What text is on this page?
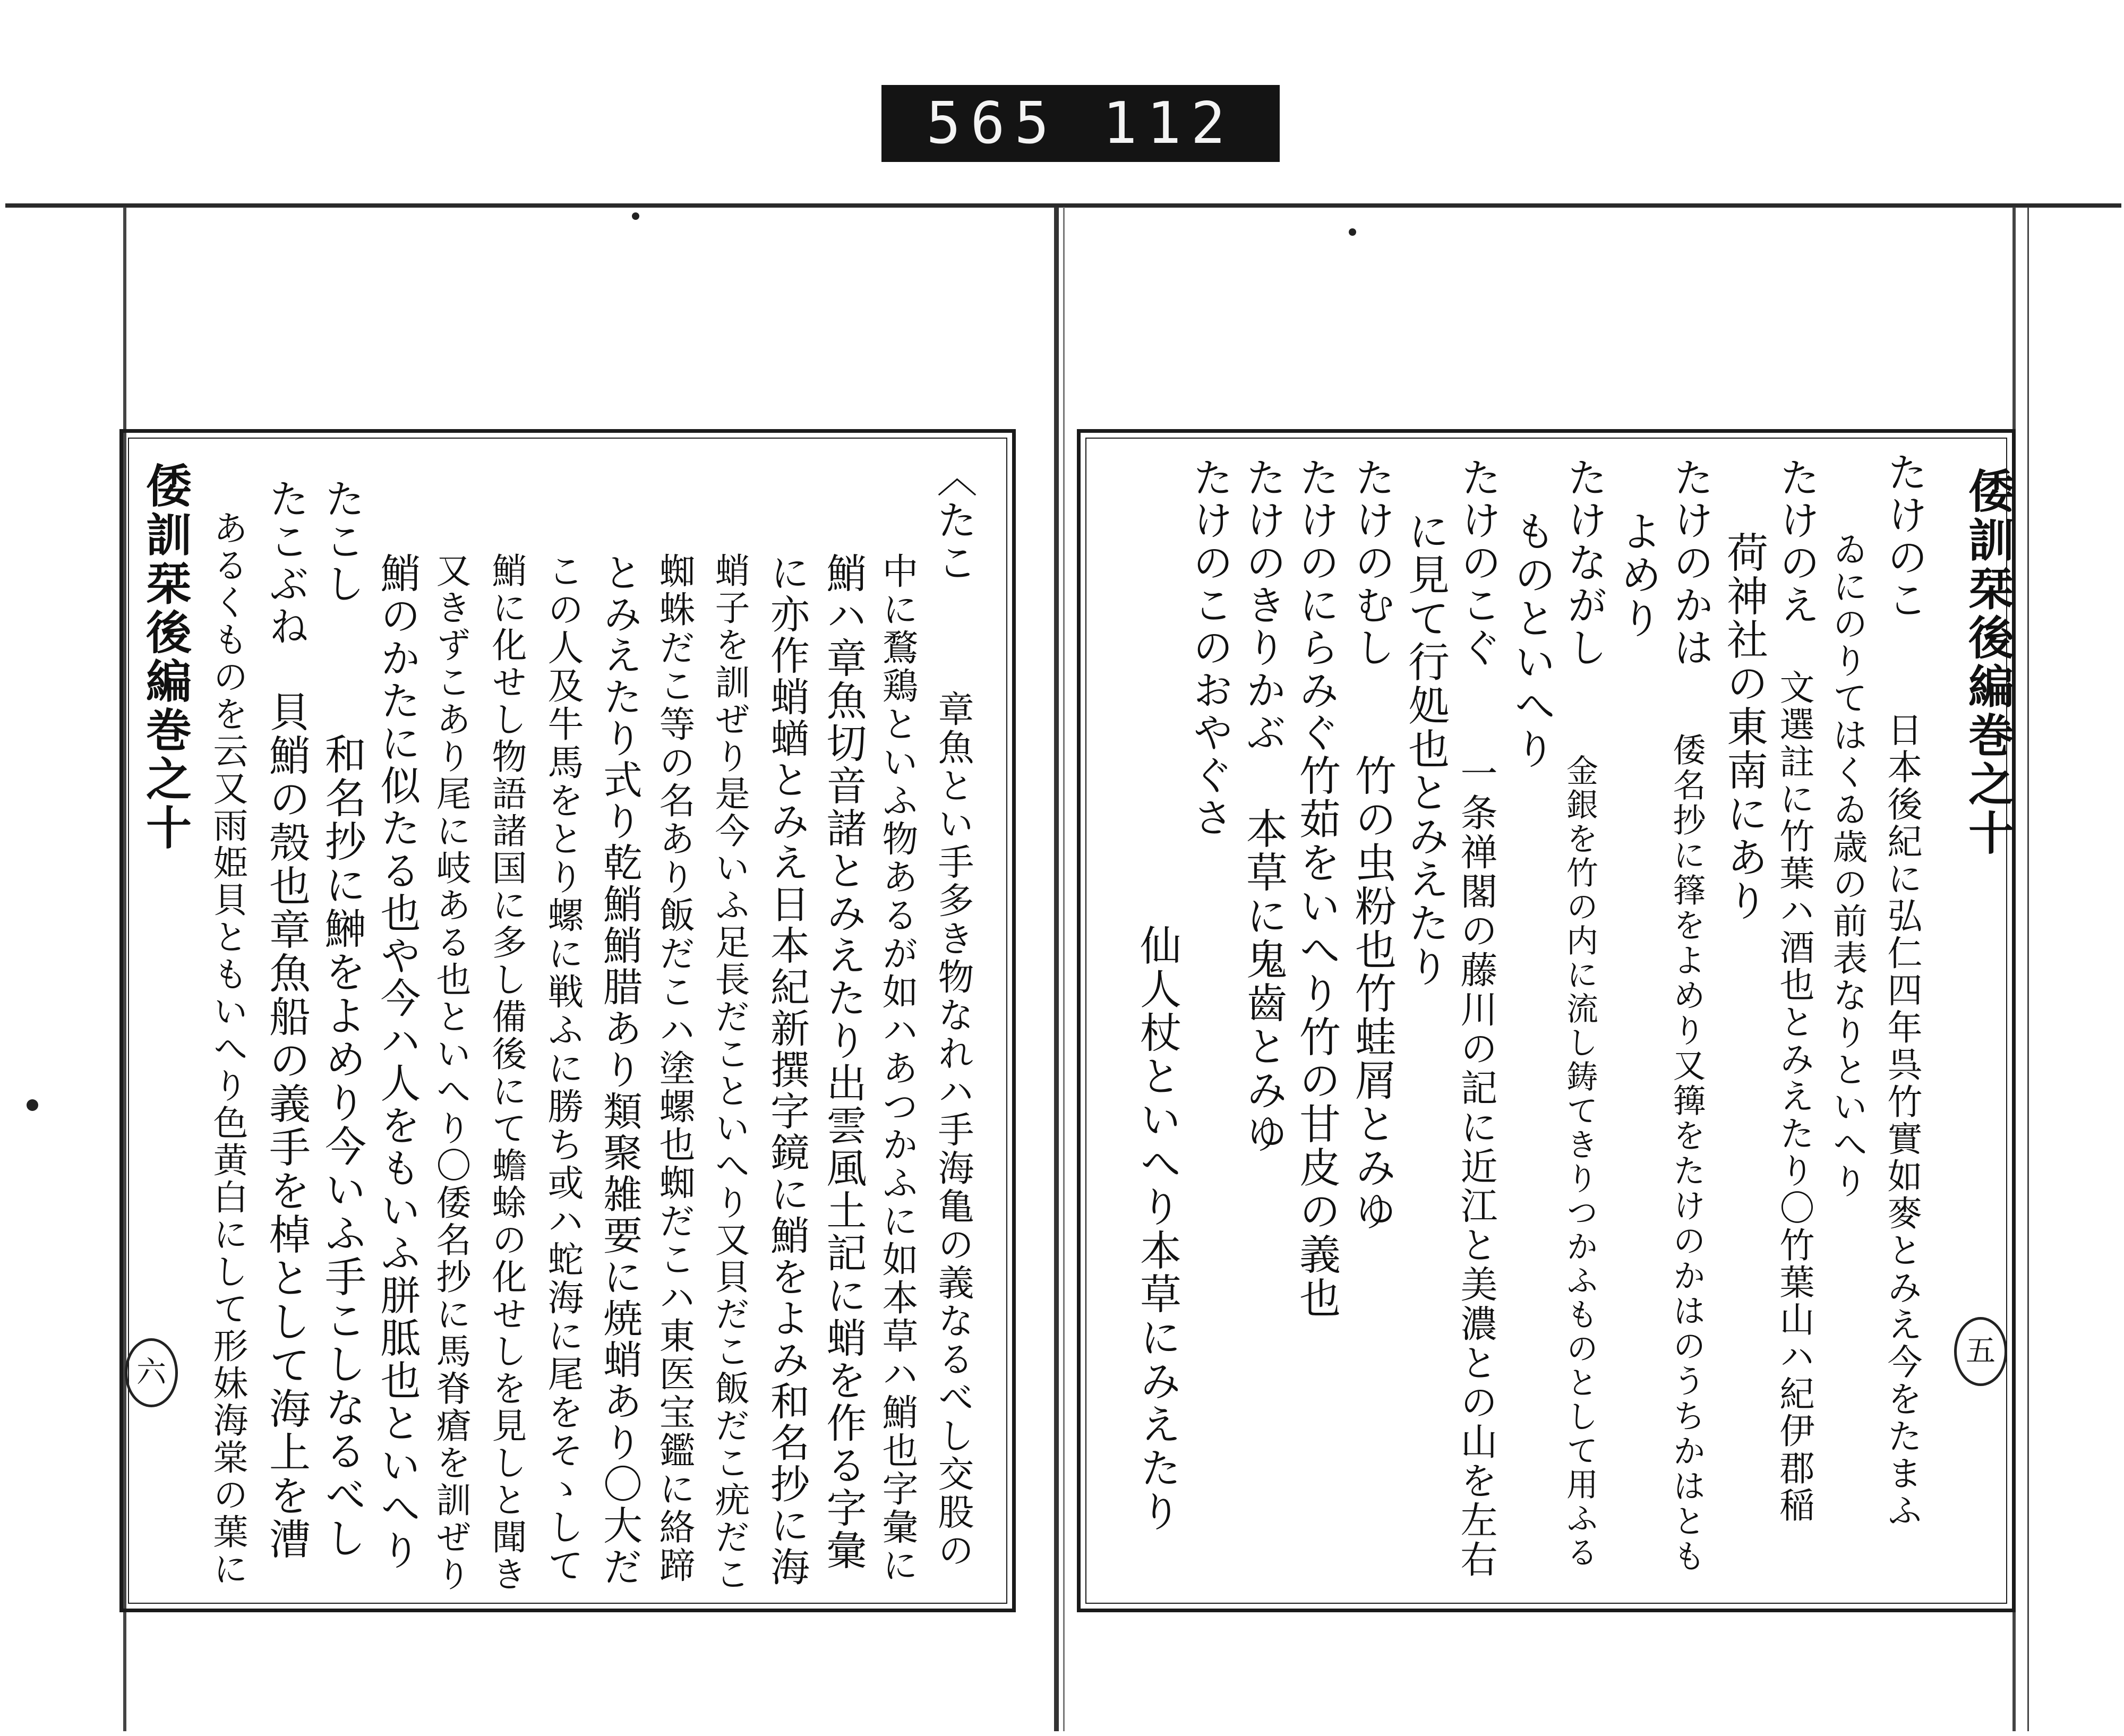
565 112
倭訓栞後編巻之十
六
〈たこ
章魚とい手多き物なれハ手海亀の義なるべし交股の
中に鶩鶏といふ物あるが如ハあつかふに如本草ハ鮹也字彙に
鮹ハ章魚切音諸とみえたり出雲風土記に蛸を作る字彙
に亦作蛸蝤とみえ日本紀新撰字鏡に鮹をよみ和名抄に海
蛸子を訓ぜり是今いふ足長だこといへり又貝だこ飯だこ疣だこ
蜘蛛だこ等の名あり飯だこハ塗螺也蜘だこハ東医宝鑑に絡蹄
とみえたり式り乾鮹鮹腊あり類聚雑要に焼蛸あり〇大だ
この人及牛馬をとり螺に戦ふに勝ち或ハ蛇海に尾をそゝして
鮹に化せし物語諸国に多し備後にて蟾蜍の化せしを見しと聞き
又きずこあり尾に岐ある也といへり〇倭名抄に馬脊瘡を訓ぜり
鮹のかたに似たる也や今ハ人をもいふ胼胝也といへり
たこし
和名抄に鰰をよめり今いふ手こしなるべし
たこぶね
貝鮹の殼也章魚船の義手を棹として海上を漕
あるくものを云又雨姫貝ともいへり色黄白にして形妹海棠の葉に	倭訓栞後編巻之十
五
たけのこ
日本後紀に弘仁四年呉竹實如麥とみえ今をたまふ
ゐにのりてはくゐ歳の前表なりといへり
たけのえ
文選註に竹葉ハ酒也とみえたり〇竹葉山ハ紀伊郡稲
荷神社の東南にあり
たけのかは
倭名抄に箨をよめり又篺をたけのかはのうちかはとも
よめり
たけながし
金銀を竹の内に流し鋳てきりつかふものとして用ふる
ものといへり
たけのこぐ
一条禅閣の藤川の記に近江と美濃との山を左右
に見て行処也とみえたり
たけのむし
竹の虫粉也竹蛙屑とみゆ
たけのにらみぐ
竹茹をいへり竹の甘皮の義也
たけのきりかぶ
本草に鬼齒とみゆ
たけのこのおやぐさ
仙人杖といへり本草にみえたり
